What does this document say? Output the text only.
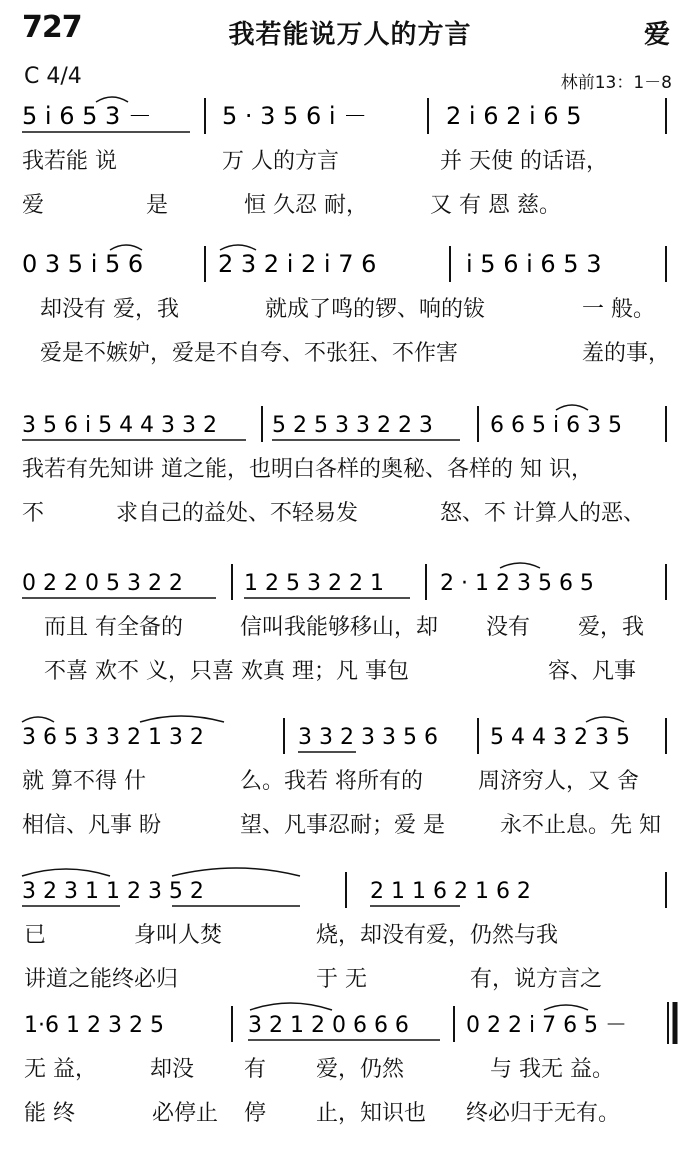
727	我若能说万人的方言	爱
C 4/4	林前13：1－8
5 i 6 5 3 －	5 · 3 5 6 i －	2 i 6 2 i 6 5
我若能 说	万 人的方言	并 天使 的话语，
爱	是	恒 久忍 耐，	又 有 恩 慈。
0 3 5 i 5 6	2 3 2 i 2 i 7 6	i 5 6 i 6 5 3
却没有 爱，我	就成了鸣的锣、响的钹	一 般。
爱是不嫉妒，爱是不自夸、不张狂、不作害	羞的事，
3 5 6 i 5 4 4 3 3 2 5 2 5 3 3 2 2 3	6 6 5 i 6 3 5
我若有先知讲 道之能，也明白各样的奥秘、各样的 知 识，
不	求自己的益处、不轻易发	怒、不 计算人的恶、
0 2 2 0 5 3 2 2	1 2 5 3 2 2 1	2 · 1 2 3 5 6 5
而且 有全备的	信叫我能够移山，却 没有 爱，我
不喜 欢不 义，只喜 欢真 理；凡 事包	容、凡事
3 6 5 3 3 2 1 3 2	3 3 2 3 3 5 6 5 4 4 3 2 3 5
就 算不得 什	么。我若 将所有的	周济穷人，又 舍
相信、凡事 盼	望、凡事忍耐；爱 是	永不止息。先 知
3 2 3 1 1 2 3 5 2	2 1 1 6 2 1 6 2
已	身叫人焚	烧，却没有爱，仍然与我
讲道之能终必归	于 无	有，说方言之
1·6 1 2 3 2 5	3 2 1 2 0 6 6 6	0 2 2 i 7 6 5 －
无 益， 却没 有 爱，仍然	与 我无 益。
能 终	必停止 停 止，知识也 终必归于无有。
